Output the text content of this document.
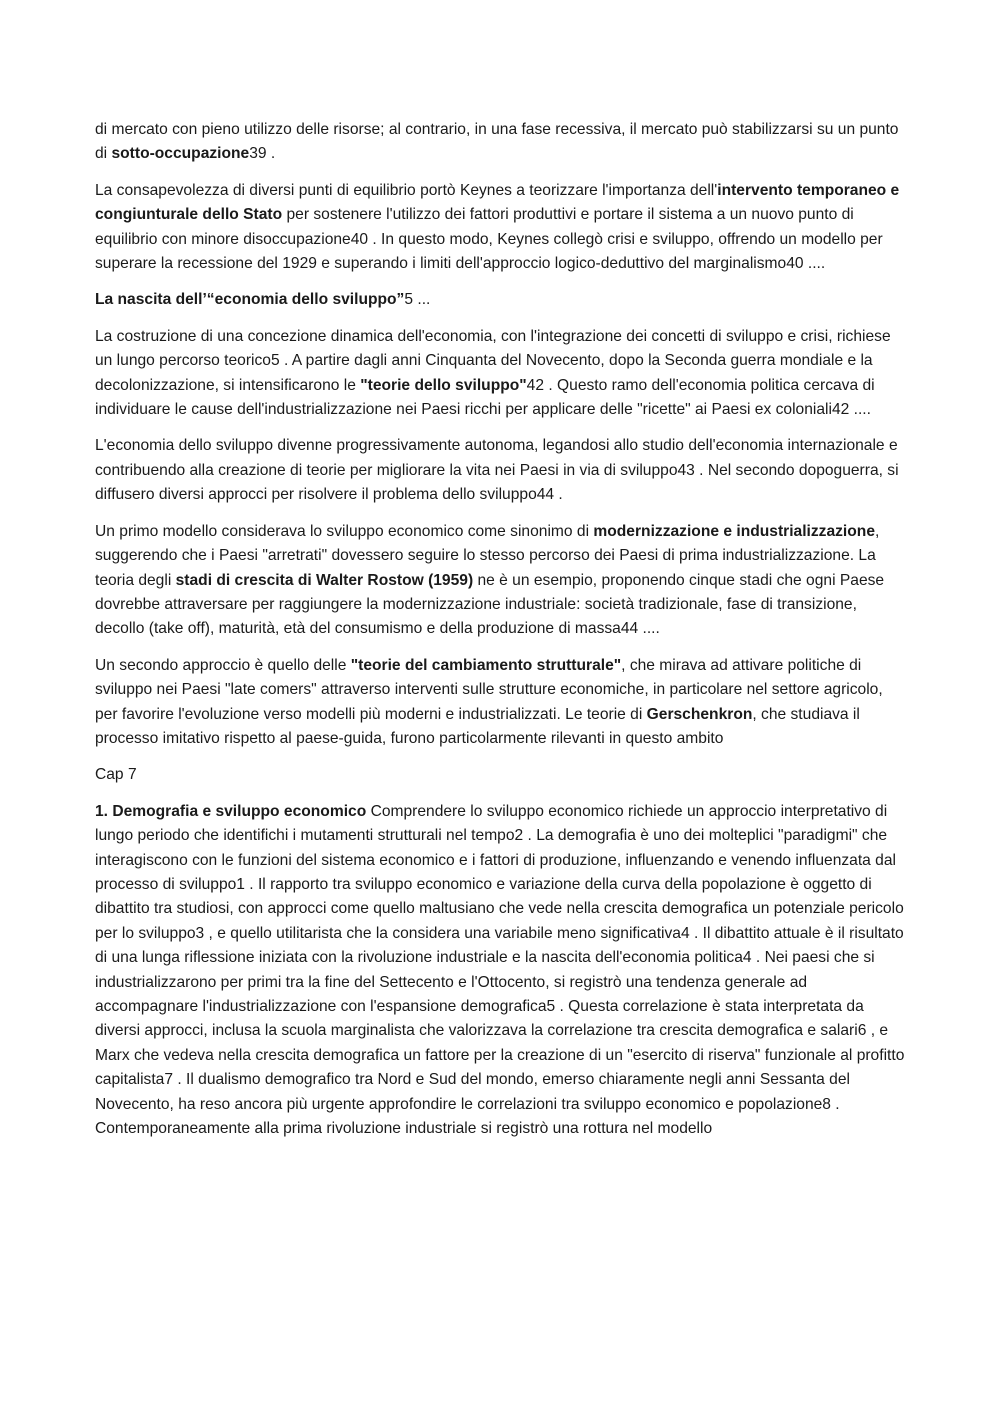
di mercato con pieno utilizzo delle risorse; al contrario, in una fase recessiva, il mercato può stabilizzarsi su un punto di sotto-occupazione39 .

La consapevolezza di diversi punti di equilibrio portò Keynes a teorizzare l'importanza dell'intervento temporaneo e congiunturale dello Stato per sostenere l'utilizzo dei fattori produttivi e portare il sistema a un nuovo punto di equilibrio con minore disoccupazione40 . In questo modo, Keynes collegò crisi e sviluppo, offrendo un modello per superare la recessione del 1929 e superando i limiti dell'approccio logico-deduttivo del marginalismo40 ....

La nascita dell’“economia dello sviluppo”5 ...

La costruzione di una concezione dinamica dell'economia, con l'integrazione dei concetti di sviluppo e crisi, richiese un lungo percorso teorico5 . A partire dagli anni Cinquanta del Novecento, dopo la Seconda guerra mondiale e la decolonizzazione, si intensificarono le "teorie dello sviluppo"42 . Questo ramo dell'economia politica cercava di individuare le cause dell'industrializzazione nei Paesi ricchi per applicare delle "ricette" ai Paesi ex coloniali42 ....

L'economia dello sviluppo divenne progressivamente autonoma, legandosi allo studio dell'economia internazionale e contribuendo alla creazione di teorie per migliorare la vita nei Paesi in via di sviluppo43 . Nel secondo dopoguerra, si diffusero diversi approcci per risolvere il problema dello sviluppo44 .

Un primo modello considerava lo sviluppo economico come sinonimo di modernizzazione e industrializzazione, suggerendo che i Paesi "arretrati" dovessero seguire lo stesso percorso dei Paesi di prima industrializzazione. La teoria degli stadi di crescita di Walter Rostow (1959) ne è un esempio, proponendo cinque stadi che ogni Paese dovrebbe attraversare per raggiungere la modernizzazione industriale: società tradizionale, fase di transizione, decollo (take off), maturità, età del consumismo e della produzione di massa44 ....

Un secondo approccio è quello delle "teorie del cambiamento strutturale", che mirava ad attivare politiche di sviluppo nei Paesi "late comers" attraverso interventi sulle strutture economiche, in particolare nel settore agricolo, per favorire l'evoluzione verso modelli più moderni e industrializzati. Le teorie di Gerschenkron, che studiava il processo imitativo rispetto al paese-guida, furono particolarmente rilevanti in questo ambito

Cap 7

1. Demografia e sviluppo economico Comprendere lo sviluppo economico richiede un approccio interpretativo di lungo periodo che identifichi i mutamenti strutturali nel tempo2 . La demografia è uno dei molteplici "paradigmi" che interagiscono con le funzioni del sistema economico e i fattori di produzione, influenzando e venendo influenzata dal processo di sviluppo1 . Il rapporto tra sviluppo economico e variazione della curva della popolazione è oggetto di dibattito tra studiosi, con approcci come quello maltusiano che vede nella crescita demografica un potenziale pericolo per lo sviluppo3 , e quello utilitarista che la considera una variabile meno significativa4 . Il dibattito attuale è il risultato di una lunga riflessione iniziata con la rivoluzione industriale e la nascita dell'economia politica4 . Nei paesi che si industrializzarono per primi tra la fine del Settecento e l'Ottocento, si registrò una tendenza generale ad accompagnare l'industrializzazione con l'espansione demografica5 . Questa correlazione è stata interpretata da diversi approcci, inclusa la scuola marginalista che valorizzava la correlazione tra crescita demografica e salari6 , e Marx che vedeva nella crescita demografica un fattore per la creazione di un "esercito di riserva" funzionale al profitto capitalista7 . Il dualismo demografico tra Nord e Sud del mondo, emerso chiaramente negli anni Sessanta del Novecento, ha reso ancora più urgente approfondire le correlazioni tra sviluppo economico e popolazione8 . Contemporaneamente alla prima rivoluzione industriale si registrò una rottura nel modello
